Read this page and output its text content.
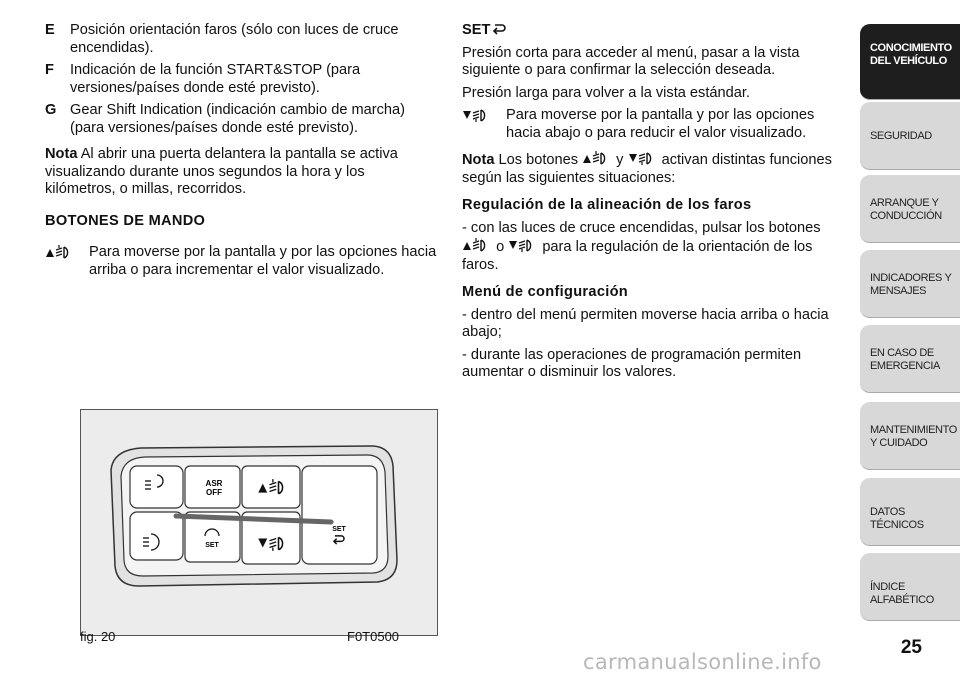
E Posición orientación faros (sólo con luces de cruce encendidas).

F Indicación de la función START&STOP (para versiones/países donde esté previsto).

G Gear Shift Indication (indicación cambio de marcha) (para versiones/países donde esté previsto).

Nota Al abrir una puerta delantera la pantalla se activa visualizando durante unos segundos la hora y los kilómetros, o millas, recorridos.

BOTONES DE MANDO

Para moverse por la pantalla y por las opciones hacia arriba o para incrementar el valor visualizado.

SET

Presión corta para acceder al menú, pasar a la vista siguiente o para confirmar la selección deseada.

Presión larga para volver a la vista estándar.

Para moverse por la pantalla y por las opciones hacia abajo o para reducir el valor visualizado.

Nota Los botones	y	activan distintas funciones según las siguientes situaciones:

Regulación de la alineación de los faros

- con las luces de cruce encendidas, pulsar los botones  o	para la regulación de la orientación de los faros.

Menú de configuración

- dentro del menú permiten moverse hacia arriba o hacia abajo;

- durante las operaciones de programación permiten aumentar o disminuir los valores.

ASR
OFF
SET
SET
fig. 20	F0T0500
CONOCIMIENTO DEL VEHÍCULO
SEGURIDAD
ARRANQUE Y CONDUCCIÓN
INDICADORES Y MENSAJES
EN CASO DE EMERGENCIA
MANTENIMIENTO Y CUIDADO
DATOS TÉCNICOS
ÍNDICE ALFABÉTICO
25
carmanualsonline.info
